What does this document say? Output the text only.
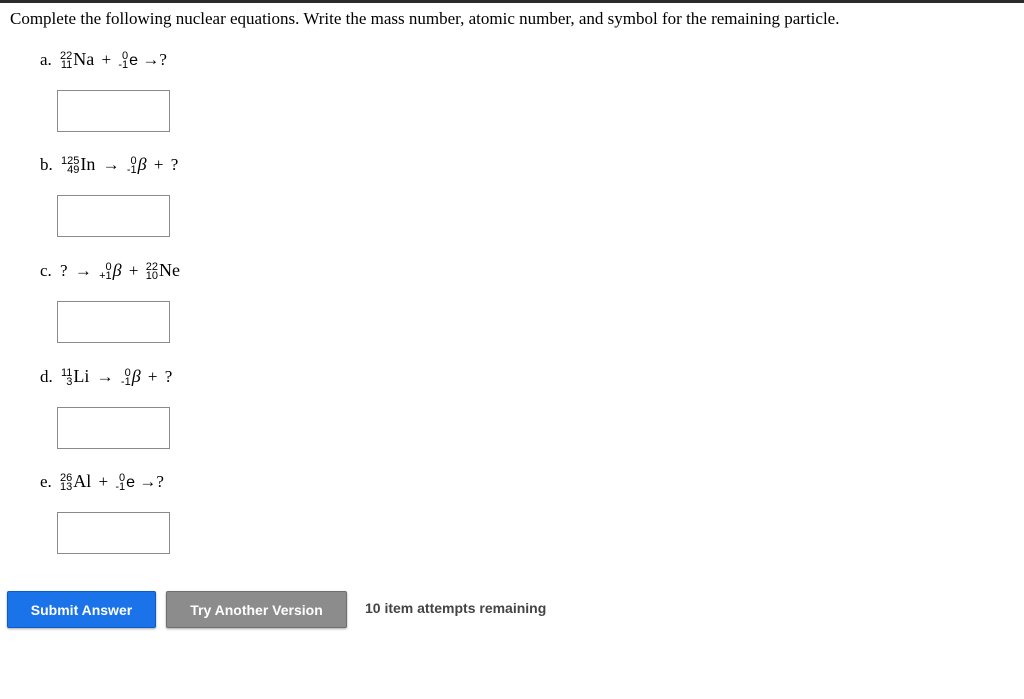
Complete the following nuclear equations. Write the mass number, atomic number, and symbol for the remaining particle.
a. 22
11 Na + 0
-1 e →?
b. 125
49 In → 0
-1 β + ?
c. ? →	0
+1 β + 22
10 Ne
d. 11
3 Li → 0
-1 β + ?
e. 26
13 Al + 0
-1 e →?
Submit Answer	Try Another Version	10 item attempts remaining
